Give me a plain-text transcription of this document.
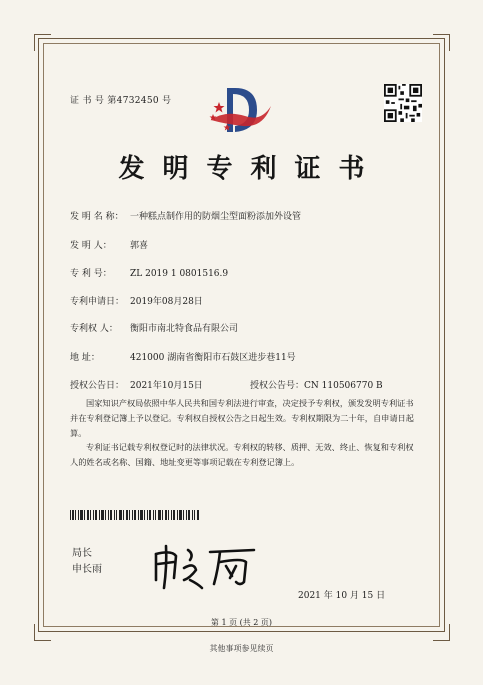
证 书 号 第4732450 号
发明专利证书
发 明 名 称： 一种糕点制作用的防烟尘型面粉添加外设管
发 明 人： 郭喜
专 利 号： ZL 2019 1 0801516.9
专利申请日： 2019年08月28日
专利权 人： 衡阳市南北特食品有限公司
地 址：	421000 湖南省衡阳市石鼓区进步巷11号
授权公告日： 2021年10月15日	授权公告号：CN 110506770 B
国家知识产权局依照中华人民共和国专利法进行审查，决定授予专利权，颁发发明专利证书并在专利登记簿上予以登记。专利权自授权公告之日起生效。专利权期限为二十年，自申请日起算。
专利证书记载专利权登记时的法律状况。专利权的转移、质押、无效、终止、恢复和专利权人的姓名或名称、国籍、地址变更等事项记载在专利登记簿上。
局长
申长雨
2021 年 10 月 15 日
第 1 页 (共 2 页)
其他事项参见续页
